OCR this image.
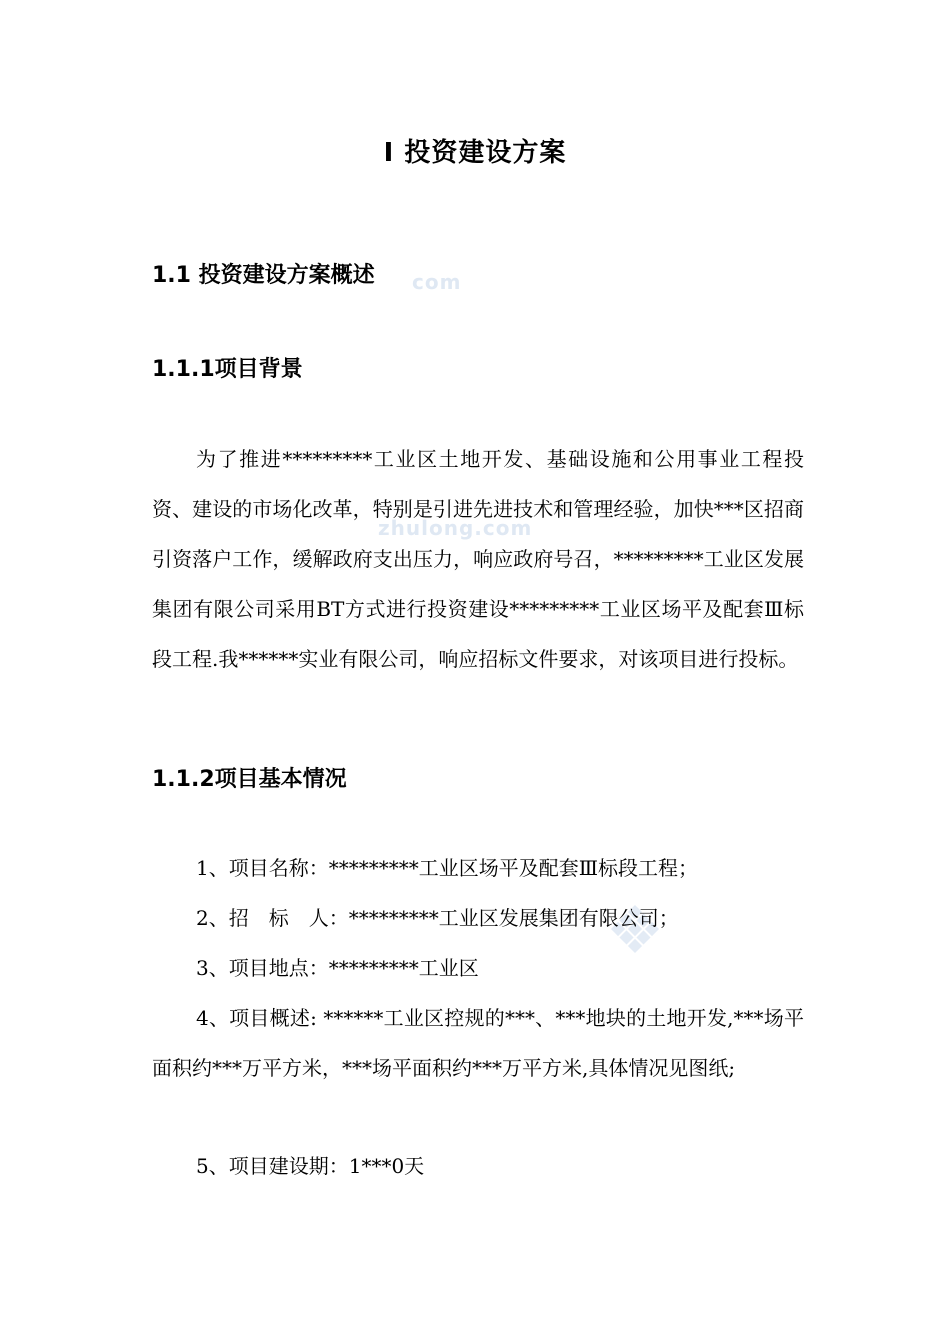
com
zhulong.com
Ⅰ 投资建设方案
1.1 投资建设方案概述
1.1.1项目背景

为了推进*********工业区土地开发、基础设施和公用事业工程投资、建设的市场化改革，特别是引进先进技术和管理经验，加快***区招商引资落户工作，缓解政府支出压力，响应政府号召，*********工业区发展集团有限公司采用BT方式进行投资建设*********工业区场平及配套Ⅲ标段工程.我******实业有限公司，响应招标文件要求，对该项目进行投标。

1.1.2项目基本情况

1、项目名称：*********工业区场平及配套Ⅲ标段工程；

2、招　标　人：*********工业区发展集团有限公司；

3、项目地点：*********工业区

4、项目概述: ******工业区控规的***、***地块的土地开发,***场平面积约***万平方米，***场平面积约***万平方米,具体情况见图纸;

5、项目建设期：1***0天
